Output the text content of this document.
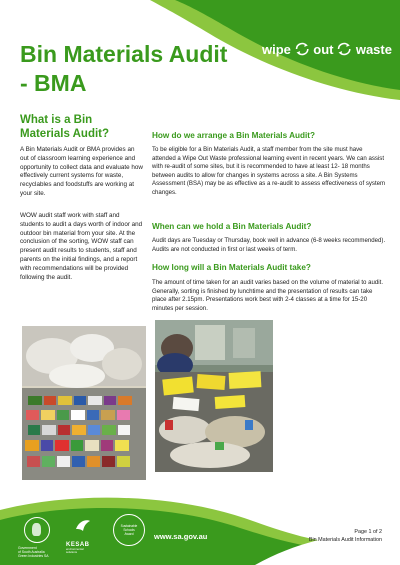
wipe out waste
Bin Materials Audit - BMA
What is a Bin Materials Audit?

A Bin Materials Audit or BMA provides an out of classroom learning experience and opportunity to collect data and evaluate how effectively current systems for waste, recyclables and foodstuffs are working at your site.

WOW audit staff work with staff and students to audit a days worth of indoor and outdoor bin material from your site. At the conclusion of the sorting, WOW staff can present audit results to students, staff and parents on the initial findings, and a report with recommendations will be provided following the audit.

How do we arrange a Bin Materials Audit?

To be eligible for a Bin Materials Audit, a staff member from the site must have attended a Wipe Out Waste professional learning event in recent years. We can assist with re-audit of some sites, but it is recommended to have at least 12- 18 months between audits to allow for changes in systems across a site. A Bin Systems Assessment (BSA) may be as effective as a re-audit to assess effectiveness of system changes.

When can we hold a Bin Materials Audit?

Audit days are Tuesday or Thursday, book well in advance (6-8 weeks recommended). Audits are not conducted in first or last weeks of term.

How long will a Bin Materials Audit take?

The amount of time taken for an audit varies based on the volume of material to audit. Generally, sorting is finished by lunchtime and the presentation of results can take place after 2.15pm. Presentations work best with 2-4 classes at a time for 15-20 minutes per session.

Government
of South Australia
Green Industries SA
KESAB
environmental
solutions
Sustainable
Schools
Award	www.sa.gov.au	Page 1 of 2
Bin Materials Audit Information
